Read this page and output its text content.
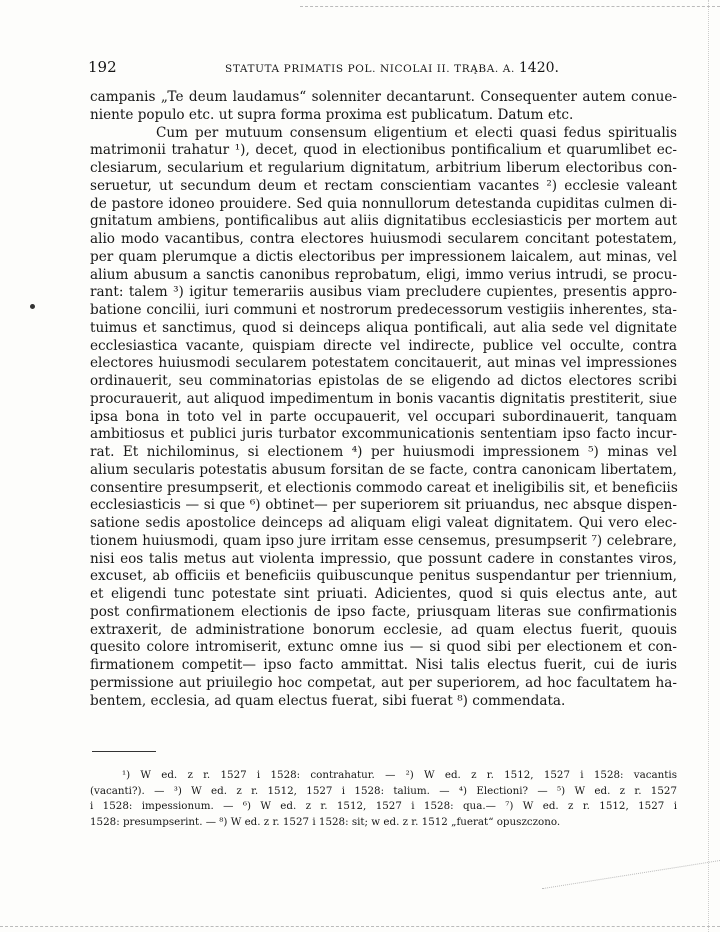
192	STATUTA PRIMATIS POL. NICOLAI II. TRĄBA. A. 1420.
campanis „Te deum laudamus“ solenniter decantarunt. Consequenter autem conue-
niente populo etc. ut supra forma proxima est publicatum. Datum etc.
Cum per mutuum consensum eligentium et electi quasi fedus spiritualis
matrimonii trahatur ¹), decet, quod in electionibus pontificalium et quarumlibet ec-
clesiarum, secularium et regularium dignitatum, arbitrium liberum electoribus con-
seruetur, ut secundum deum et rectam conscientiam vacantes ²) ecclesie valeant
de pastore idoneo prouidere. Sed quia nonnullorum detestanda cupiditas culmen di-
gnitatum ambiens, pontificalibus aut aliis dignitatibus ecclesiasticis per mortem aut
alio modo vacantibus, contra electores huiusmodi secularem concitant potestatem,
per quam plerumque a dictis electoribus per impressionem laicalem, aut minas, vel
alium abusum a sanctis canonibus reprobatum, eligi, immo verius intrudi, se procu-
rant: talem ³) igitur temerariis ausibus viam precludere cupientes, presentis appro-
batione concilii, iuri communi et nostrorum predecessorum vestigiis inherentes, sta-
tuimus et sanctimus, quod si deinceps aliqua pontificali, aut alia sede vel dignitate
ecclesiastica vacante, quispiam directe vel indirecte, publice vel occulte, contra
electores huiusmodi secularem potestatem concitauerit, aut minas vel impressiones
ordinauerit, seu comminatorias epistolas de se eligendo ad dictos electores scribi
procurauerit, aut aliquod impedimentum in bonis vacantis dignitatis prestiterit, siue
ipsa bona in toto vel in parte occupauerit, vel occupari subordinauerit, tanquam
ambitiosus et publici juris turbator excommunicationis sententiam ipso facto incur-
rat. Et nichilominus, si electionem ⁴) per huiusmodi impressionem ⁵) minas vel
alium secularis potestatis abusum forsitan de se facte, contra canonicam libertatem,
consentire presumpserit, et electionis commodo careat et ineligibilis sit, et beneficiis
ecclesiasticis — si que ⁶) obtinet— per superiorem sit priuandus, nec absque dispen-
satione sedis apostolice deinceps ad aliquam eligi valeat dignitatem. Qui vero elec-
tionem huiusmodi, quam ipso jure irritam esse censemus, presumpserit ⁷) celebrare,
nisi eos talis metus aut violenta impressio, que possunt cadere in constantes viros,
excuset, ab officiis et beneficiis quibuscunque penitus suspendantur per triennium,
et eligendi tunc potestate sint priuati. Adicientes, quod si quis electus ante, aut
post confirmationem electionis de ipso facte, priusquam literas sue confirmationis
extraxerit, de administratione bonorum ecclesie, ad quam electus fuerit, quouis
quesito colore intromiserit, extunc omne ius — si quod sibi per electionem et con-
firmationem competit— ipso facto ammittat. Nisi talis electus fuerit, cui de iuris
permissione aut priuilegio hoc competat, aut per superiorem, ad hoc facultatem ha-
bentem, ecclesia, ad quam electus fuerat, sibi fuerat ⁸) commendata.
¹) W ed. z r. 1527 i 1528: contrahatur. — ²) W ed. z r. 1512, 1527 i 1528: vacantis
(vacanti?). — ³) W ed. z r. 1512, 1527 i 1528: talium. — ⁴) Electioni? — ⁵) W ed. z r. 1527
i 1528: impessionum. — ⁶) W ed. z r. 1512, 1527 i 1528: qua.— ⁷) W ed. z r. 1512, 1527 i
1528: presumpserint. — ⁸) W ed. z r. 1527 i 1528: sit; w ed. z r. 1512 „fuerat“ opuszczono.
